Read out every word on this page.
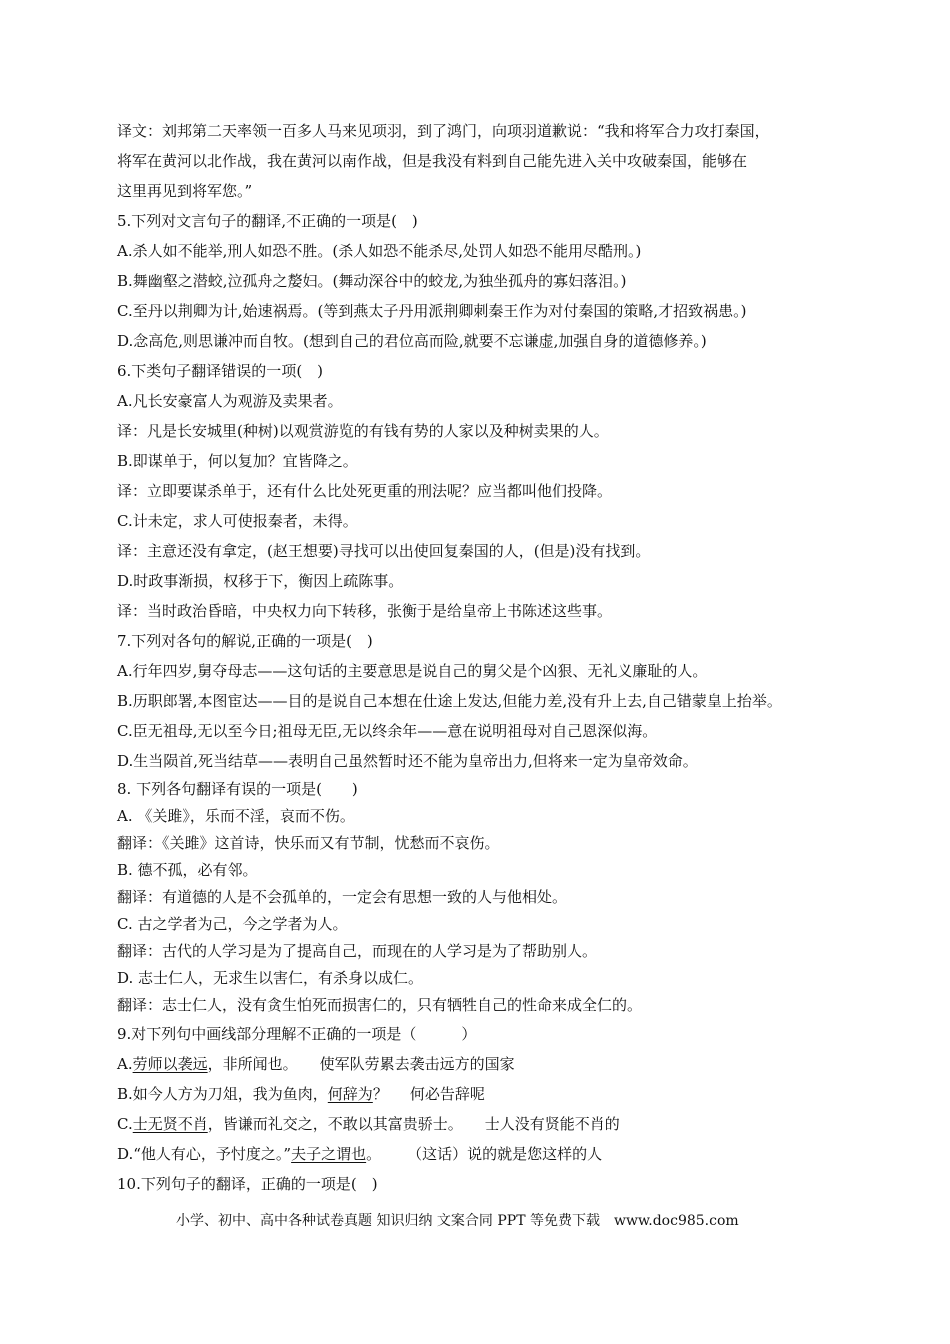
译文：刘邦第二天率领一百多人马来见项羽，到了鸿门，向项羽道歉说：“我和将军合力攻打秦国，
将军在黄河以北作战，我在黄河以南作战，但是我没有料到自己能先进入关中攻破秦国，能够在
这里再见到将军您。”
5.下列对文言句子的翻译,不正确的一项是(　)
A.杀人如不能举,刑人如恐不胜。(杀人如恐不能杀尽,处罚人如恐不能用尽酷刑。)
B.舞幽壑之潜蛟,泣孤舟之嫠妇。(舞动深谷中的蛟龙,为独坐孤舟的寡妇落泪。)
C.至丹以荆卿为计,始速祸焉。(等到燕太子丹用派荆卿刺秦王作为对付秦国的策略,才招致祸患。)
D.念高危,则思谦冲而自牧。(想到自己的君位高而险,就要不忘谦虚,加强自身的道德修养。)
6.下类句子翻译错误的一项(　)
A.凡长安豪富人为观游及卖果者。
译：凡是长安城里(种树)以观赏游览的有钱有势的人家以及种树卖果的人。
B.即谋单于，何以复加？宜皆降之。
译：立即要谋杀单于，还有什么比处死更重的刑法呢？应当都叫他们投降。
C.计未定，求人可使报秦者，未得。
译：主意还没有拿定，(赵王想要)寻找可以出使回复秦国的人，(但是)没有找到。
D.时政事渐损，权移于下，衡因上疏陈事。
译：当时政治昏暗，中央权力向下转移，张衡于是给皇帝上书陈述这些事。
7.下列对各句的解说,正确的一项是(　)
A.行年四岁,舅夺母志——这句话的主要意思是说自己的舅父是个凶狠、无礼义廉耻的人。
B.历职郎署,本图宦达——目的是说自己本想在仕途上发达,但能力差,没有升上去,自己错蒙皇上抬举。
C.臣无祖母,无以至今日;祖母无臣,无以终余年——意在说明祖母对自己恩深似海。
D.生当陨首,死当结草——表明自己虽然暂时还不能为皇帝出力,但将来一定为皇帝效命。
8. 下列各句翻译有误的一项是(　　)
A. 《关雎》，乐而不淫，哀而不伤。
翻译：《关雎》这首诗，快乐而又有节制，忧愁而不哀伤。
B. 德不孤，必有邻。
翻译：有道德的人是不会孤单的，一定会有思想一致的人与他相处。
C. 古之学者为己，今之学者为人。
翻译：古代的人学习是为了提高自己，而现在的人学习是为了帮助别人。
D. 志士仁人，无求生以害仁，有杀身以成仁。
翻译：志士仁人，没有贪生怕死而损害仁的，只有牺牲自己的性命来成全仁的。
9.对下列句中画线部分理解不正确的一项是（　　　）
A.劳师以袭远，非所闻也。 使军队劳累去袭击远方的国家
B.如今人方为刀俎，我为鱼肉，何辞为？ 何必告辞呢
C.士无贤不肖，皆谦而礼交之，不敢以其富贵骄士。 士人没有贤能不肖的
D.“他人有心，予忖度之。”夫子之谓也。 （这话）说的就是您这样的人
10.下列句子的翻译，正确的一项是(　)
小学、初中、高中各种试卷真题 知识归纳 文案合同 PPT 等免费下载　www.doc985.com
